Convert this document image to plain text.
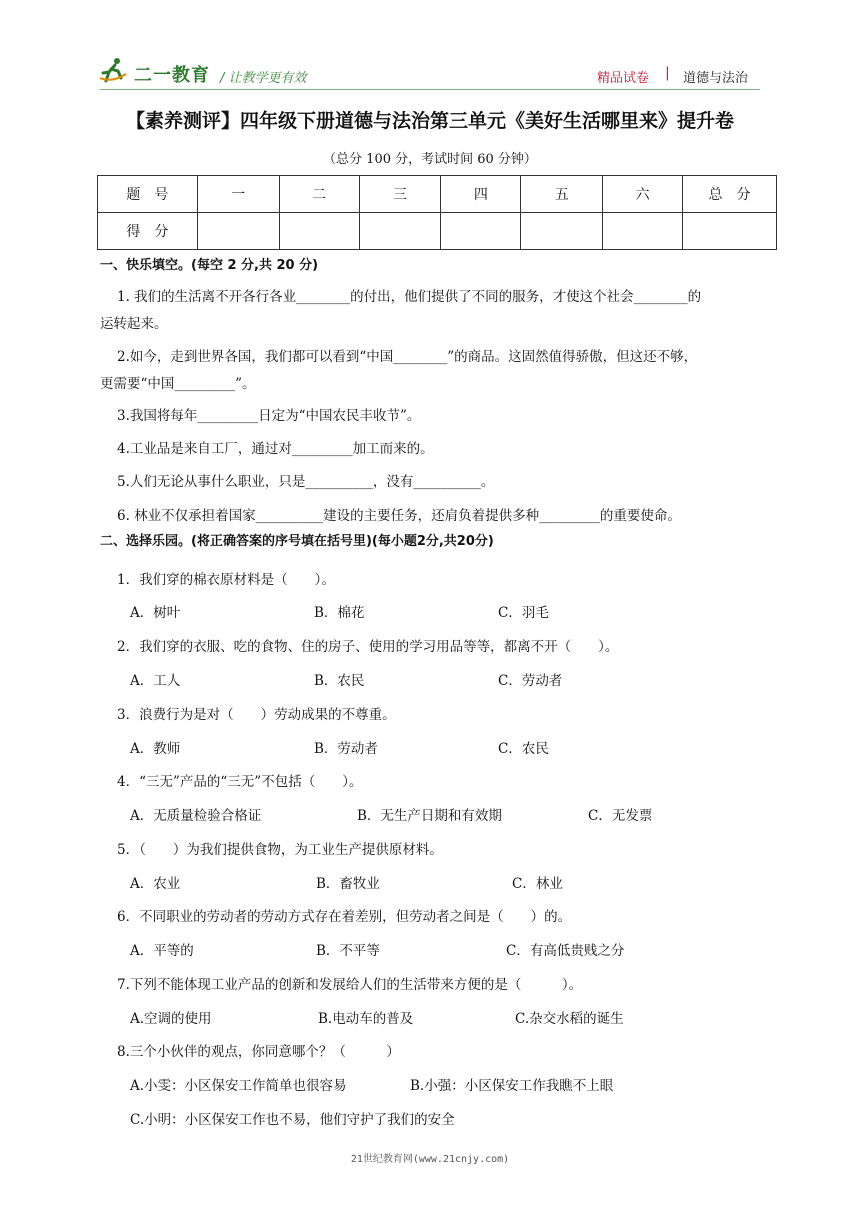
二一教育 / 让教学更有效	精品试卷 | 道德与法治
【素养测评】四年级下册道德与法治第三单元《美好生活哪里来》提升卷
（总分 100 分，考试时间 60 分钟）
题　号	一	二	三	四	五	六	总　分
得　分							
一、快乐填空。(每空 2 分,共 20 分)
1. 我们的生活离不开各行各业________的付出，他们提供了不同的服务，才使这个社会________的
运转起来。
2.如今，走到世界各国，我们都可以看到“中国________”的商品。这固然值得骄傲，但这还不够，
更需要“中国_________”。
3.我国将每年_________日定为“中国农民丰收节”。
4.工业品是来自工厂，通过对_________加工而来的。
5.人们无论从事什么职业，只是__________，没有__________。
6. 林业不仅承担着国家__________建设的主要任务，还肩负着提供多种_________的重要使命。
二、选择乐园。(将正确答案的序号填在括号里)(每小题2分,共20分)
1．我们穿的棉衣原材料是（　　）。
A．树叶	B．棉花	C．羽毛
2．我们穿的衣服、吃的食物、住的房子、使用的学习用品等等，都离不开（　　）。
A．工人	B．农民	C．劳动者
3．浪费行为是对（　　）劳动成果的不尊重。
A．教师	B．劳动者	C．农民
4．“三无”产品的“三无”不包括（　　）。
A．无质量检验合格证	B．无生产日期和有效期	C．无发票
5．（　　）为我们提供食物，为工业生产提供原材料。
A．农业	B．畜牧业	C．林业
6．不同职业的劳动者的劳动方式存在着差别，但劳动者之间是（　　）的。
A．平等的	B．不平等	C．有高低贵贱之分
7.下列不能体现工业产品的创新和发展给人们的生活带来方便的是（　　　）。
A.空调的使用	B.电动车的普及	C.杂交水稻的诞生
8.三个小伙伴的观点，你同意哪个？（　　　）
A.小雯：小区保安工作简单也很容易	B.小强：小区保安工作我瞧不上眼
C.小明：小区保安工作也不易，他们守护了我们的安全
21世纪教育网(www.21cnjy.com)
